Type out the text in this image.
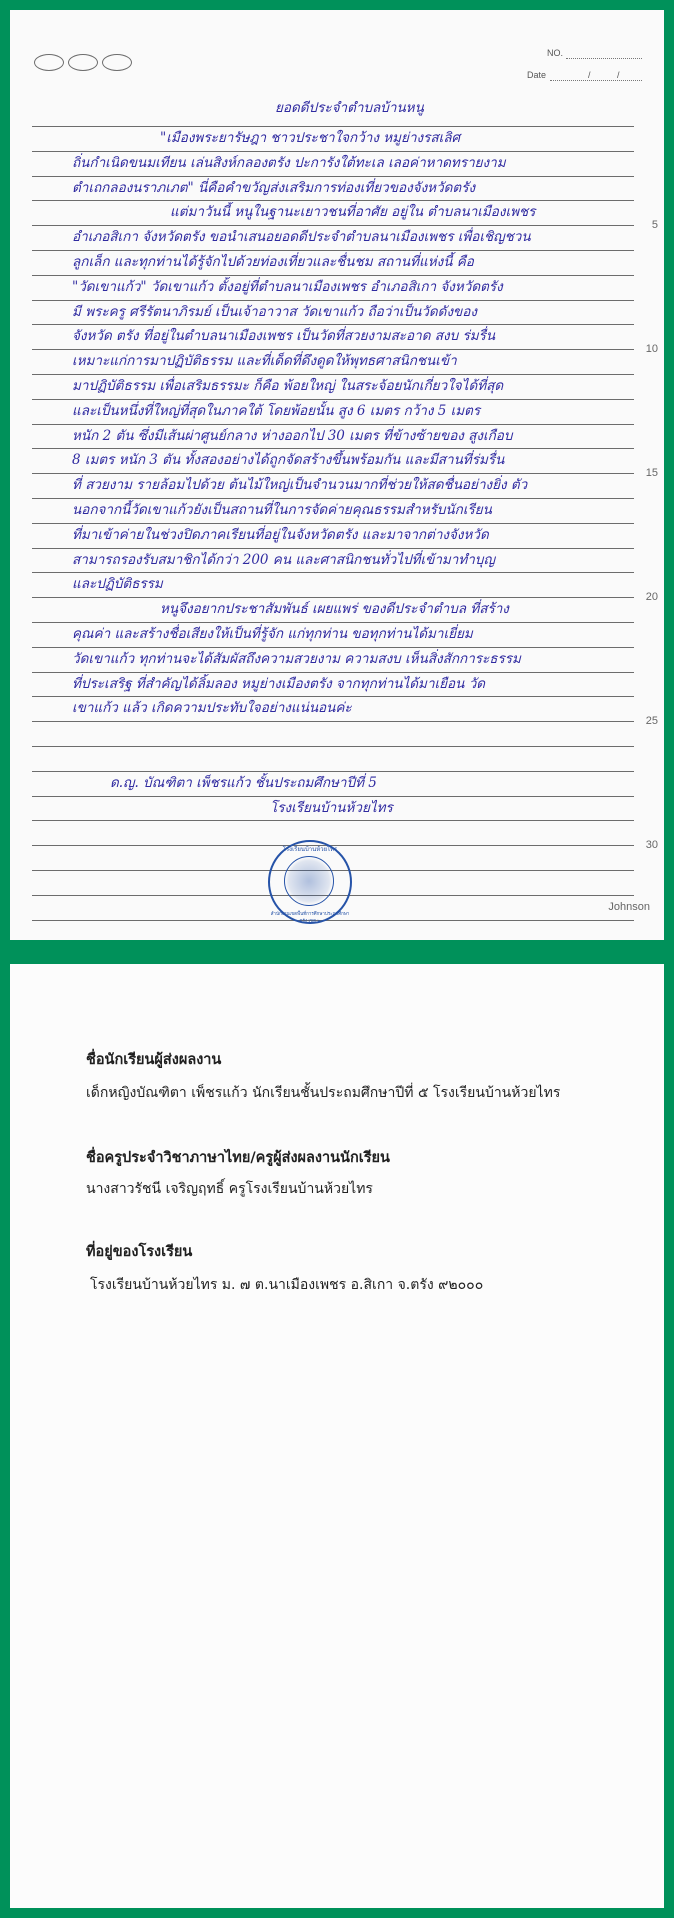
NO.
Date	/	/
5
10
15
20
25
30
ยอดดีประจำตำบลบ้านหนู
"เมืองพระยารัษฎา ชาวประชาใจกว้าง หมูย่างรสเลิศ
ถิ่นกำเนิดขนมเทียน เล่นสิงห์กลองตรัง ปะการังใต้ทะเล เลอค่าหาดทรายงาม
ตำเถกลองนราภเภต" นี่คือคำขวัญส่งเสริมการท่องเที่ยวของจังหวัดตรัง
แต่มาวันนี้ หนูในฐานะเยาวชนที่อาศัย อยู่ใน ตำบลนาเมืองเพชร
อำเภอสิเกา จังหวัดตรัง ขอนำเสนอยอดดีประจำตำบลนาเมืองเพชร เพื่อเชิญชวน
ลูกเล็ก และทุกท่านได้รู้จักไปด้วยท่องเที่ยวและชื่นชม สถานที่แห่งนี้ คือ
"วัดเขาแก้ว" วัดเขาแก้ว ตั้งอยู่ที่ตำบลนาเมืองเพชร อำเภอสิเกา จังหวัดตรัง
มี พระครู ศรีรัตนาภิรมย์ เป็นเจ้าอาวาส วัดเขาแก้ว ถือว่าเป็นวัดดังของ
จังหวัด ตรัง ที่อยู่ในตำบลนาเมืองเพชร เป็นวัดที่สวยงามสะอาด สงบ ร่มรื่น
เหมาะแก่การมาปฏิบัติธรรม และที่เด็ดที่ดึงดูดให้พุทธศาสนิกชนเข้า
มาปฏิบัติธรรม เพื่อเสริมธรรมะ ก็คือ พ้อยใหญ่ ในสระจ้อยนักเกี่ยวใจได้ที่สุด
และเป็นหนึ่งที่ใหญ่ที่สุดในภาคใต้ โดยพ้อยนั้น สูง 6 เมตร กว้าง 5 เมตร
หนัก 2 ตัน ซึ่งมีเส้นผ่าศูนย์กลาง ห่างออกไป 30 เมตร ที่ข้างซ้ายของ สูงเกือบ
8 เมตร หนัก 3 ตัน ทั้งสองอย่างได้ถูกจัดสร้างขึ้นพร้อมกัน และมีสานที่ร่มรื่น
ที่ สวยงาม รายล้อมไปด้วย ต้นไม้ใหญ่เป็นจำนวนมากที่ช่วยให้สดชื่นอย่างยิ่ง ตัว
นอกจากนี้วัดเขาแก้วยังเป็นสถานที่ในการจัดค่ายคุณธรรมสำหรับนักเรียน
ที่มาเข้าค่ายในช่วงปิดภาคเรียนที่อยู่ในจังหวัดตรัง และมาจากต่างจังหวัด
สามารถรองรับสมาชิกได้กว่า 200 คน และศาสนิกชนทั่วไปที่เข้ามาทำบุญ
และปฏิบัติธรรม
หนูจึงอยากประชาสัมพันธ์ เผยแพร่ ของดีประจำตำบล ที่สร้าง
คุณค่า และสร้างชื่อเสียงให้เป็นที่รู้จัก แก่ทุกท่าน ขอทุกท่านได้มาเยี่ยม
วัดเขาแก้ว ทุกท่านจะได้สัมผัสถึงความสวยงาม ความสงบ เห็นสิ่งสักการะธรรม
ที่ประเสริฐ ที่สำคัญได้ลิ้มลอง หมูย่างเมืองตรัง จากทุกท่านได้มาเยือน วัด
เขาแก้ว แล้ว เกิดความประทับใจอย่างแน่นอนค่ะ
ด.ญ. บัณฑิตา เพ็ชรแก้ว ชั้นประถมศึกษาปีที่ 5
โรงเรียนบ้านห้วยไทร
โรงเรียนบ้านห้วยไทร
สำนักงานเขตพื้นที่การศึกษาประถมศึกษาตรัง เขต ๒
Johnson
ชื่อนักเรียนผู้ส่งผลงาน
เด็กหญิงบัณฑิตา เพ็ชรแก้ว นักเรียนชั้นประถมศึกษาปีที่ ๕ โรงเรียนบ้านห้วยไทร
ชื่อครูประจำวิชาภาษาไทย/ครูผู้ส่งผลงานนักเรียน
นางสาวรัชนี เจริญฤทธิ์ ครูโรงเรียนบ้านห้วยไทร
ที่อยู่ของโรงเรียน
โรงเรียนบ้านห้วยไทร ม. ๗ ต.นาเมืองเพชร อ.สิเกา จ.ตรัง ๙๒๐๐๐
